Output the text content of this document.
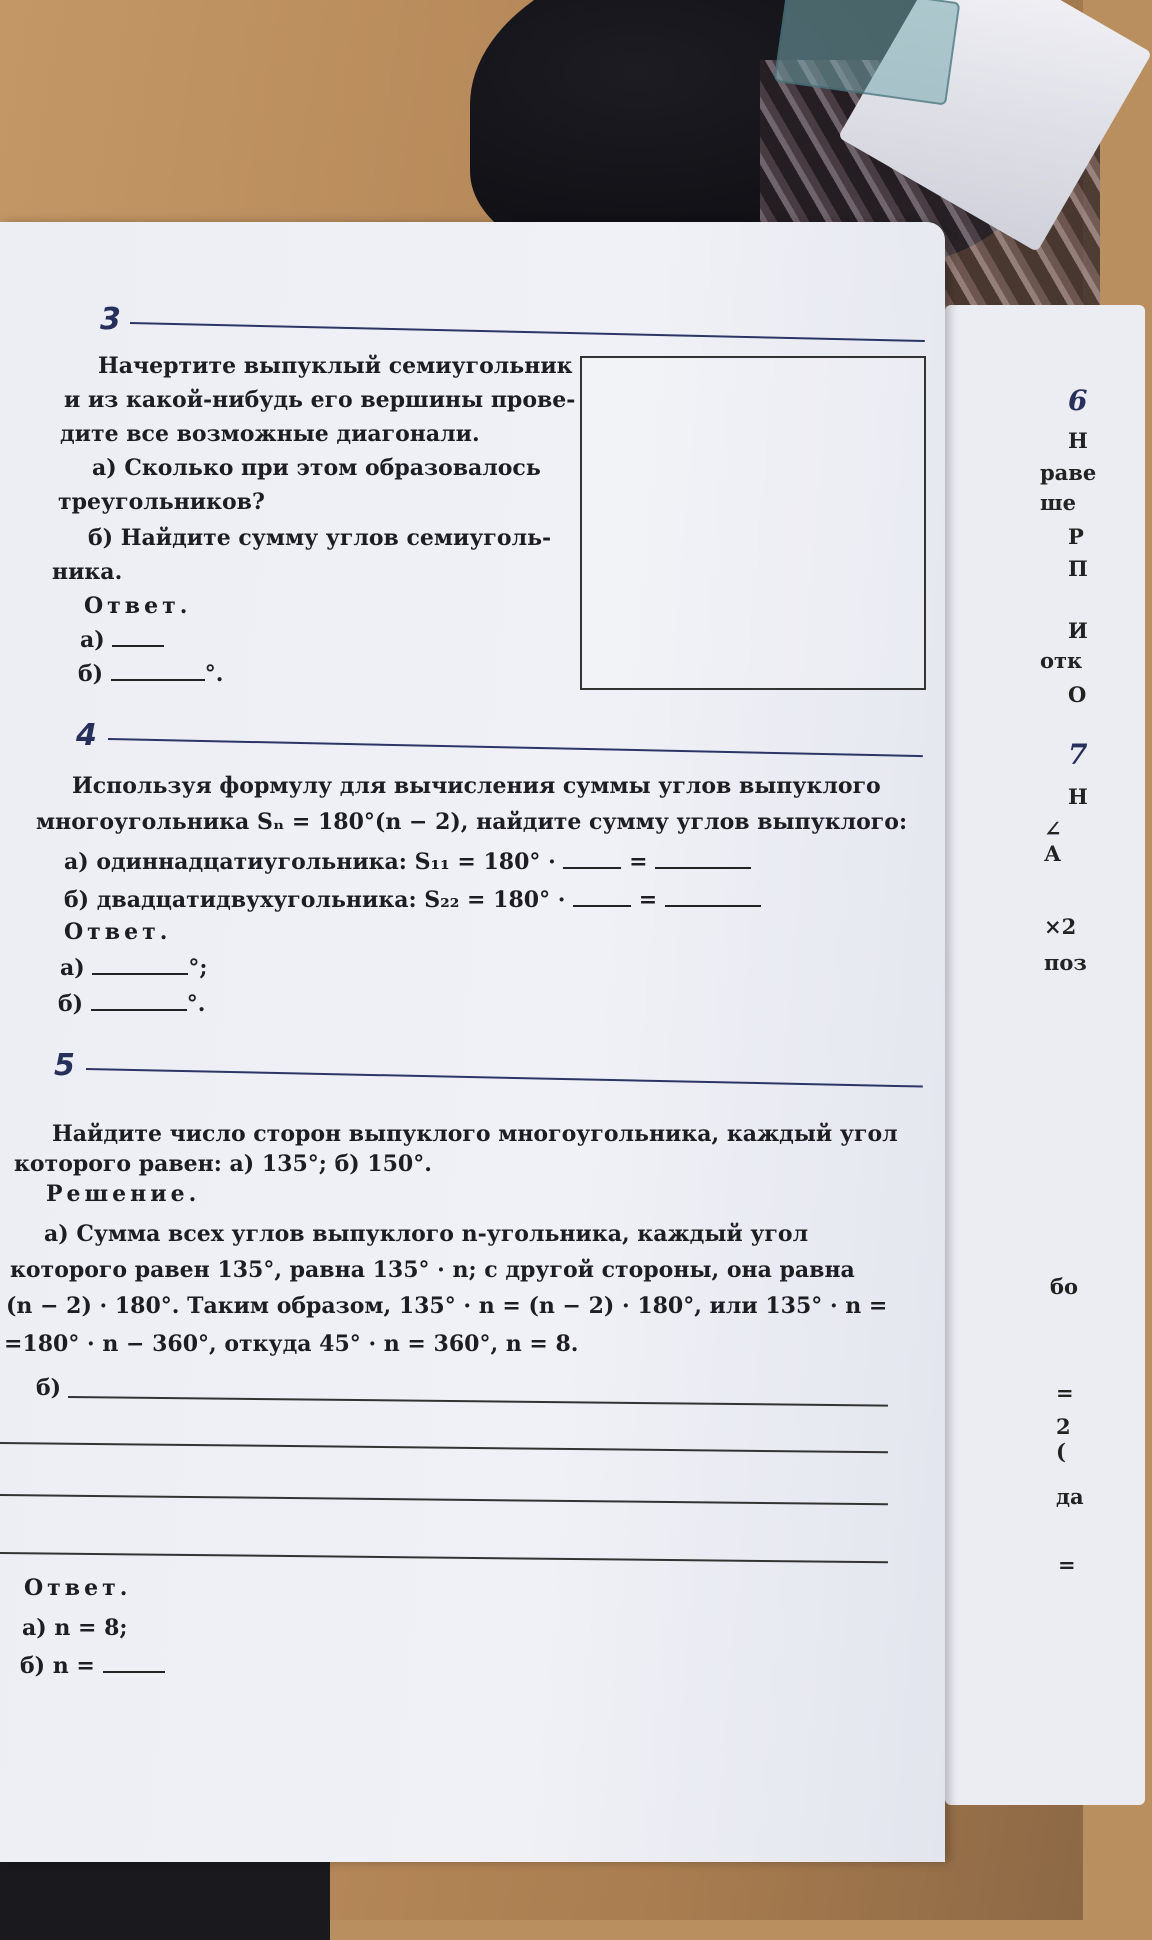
3
Начертите выпуклый семиугольник
и из какой-нибудь его вершины прове-
дите все возможные диагонали.
а) Сколько при этом образовалось
треугольников?
б) Найдите сумму углов семиуголь-
ника.
Ответ.
а)
б)	°.
4
Используя формулу для вычисления суммы углов выпуклого
многоугольника Sₙ = 180°(n − 2), найдите сумму углов выпуклого:
а) одиннадцатиугольника: S₁₁ = 180° ·	=
б) двадцатидвухугольника: S₂₂ = 180° ·	=
Ответ.
а)	°;
б)	°.
5
Найдите число сторон выпуклого многоугольника, каждый угол
которого равен: а) 135°; б) 150°.
Решение.
а) Сумма всех углов выпуклого n-угольника, каждый угол
которого равен 135°, равна 135° · n; с другой стороны, она равна
(n − 2) · 180°. Таким образом, 135° · n = (n − 2) · 180°, или 135° · n =
=180° · n − 360°, откуда 45° · n = 360°, n = 8.
б)
Ответ.
а) n = 8;
б) n =
6
Н
раве
ше
Р
П
И
отк
О
7
Н
∠ А
×2
поз
бо
=
2 (
да
=
